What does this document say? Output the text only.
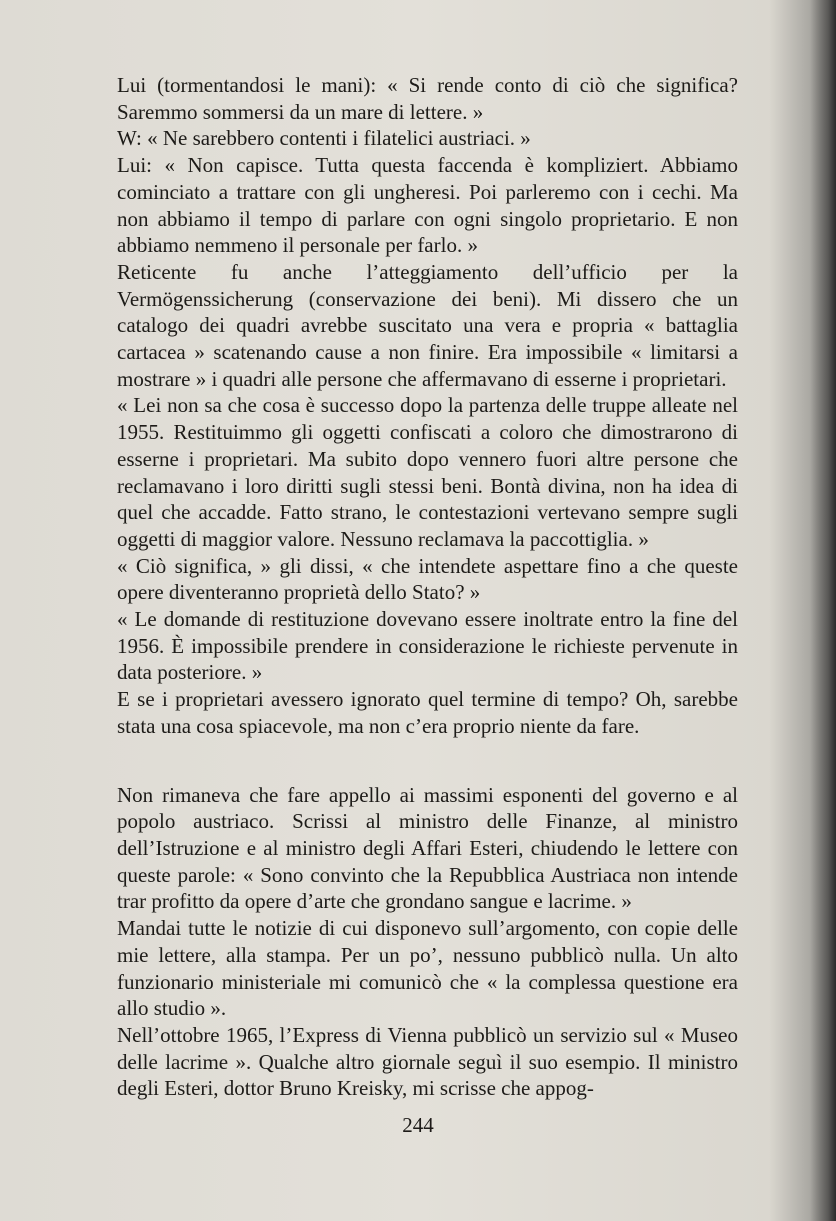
Lui (tormentandosi le mani): « Si rende conto di ciò che significa? Saremmo sommersi da un mare di lettere. »

W: « Ne sarebbero contenti i filatelici austriaci. »

Lui: « Non capisce. Tutta questa faccenda è kompliziert. Abbiamo cominciato a trattare con gli ungheresi. Poi parleremo con i cechi. Ma non abbiamo il tempo di parlare con ogni singolo proprietario. E non abbiamo nemmeno il personale per farlo. »

Reticente fu anche l’atteggiamento dell’ufficio per la Vermögenssicherung (conservazione dei beni). Mi dissero che un catalogo dei quadri avrebbe suscitato una vera e propria « battaglia cartacea » scatenando cause a non finire. Era impossibile « limitarsi a mostrare » i quadri alle persone che affermavano di esserne i proprietari.

« Lei non sa che cosa è successo dopo la partenza delle truppe alleate nel 1955. Restituimmo gli oggetti confiscati a coloro che dimostrarono di esserne i proprietari. Ma subito dopo vennero fuori altre persone che reclamavano i loro diritti sugli stessi beni. Bontà divina, non ha idea di quel che accadde. Fatto strano, le contestazioni vertevano sempre sugli oggetti di maggior valore. Nessuno reclamava la paccottiglia. »

« Ciò significa, » gli dissi, « che intendete aspettare fino a che queste opere diventeranno proprietà dello Stato? »

« Le domande di restituzione dovevano essere inoltrate entro la fine del 1956. È impossibile prendere in considerazione le richieste pervenute in data posteriore. »

E se i proprietari avessero ignorato quel termine di tempo? Oh, sarebbe stata una cosa spiacevole, ma non c’era proprio niente da fare.

Non rimaneva che fare appello ai massimi esponenti del governo e al popolo austriaco. Scrissi al ministro delle Finanze, al ministro dell’Istruzione e al ministro degli Affari Esteri, chiudendo le lettere con queste parole: « Sono convinto che la Repubblica Austriaca non intende trar profitto da opere d’arte che grondano sangue e lacrime. »

Mandai tutte le notizie di cui disponevo sull’argomento, con copie delle mie lettere, alla stampa. Per un po’, nessuno pubblicò nulla. Un alto funzionario ministeriale mi comunicò che « la complessa questione era allo studio ».

Nell’ottobre 1965, l’Express di Vienna pubblicò un servizio sul « Museo delle lacrime ». Qualche altro giornale seguì il suo esempio. Il ministro degli Esteri, dottor Bruno Kreisky, mi scrisse che appog-

244
